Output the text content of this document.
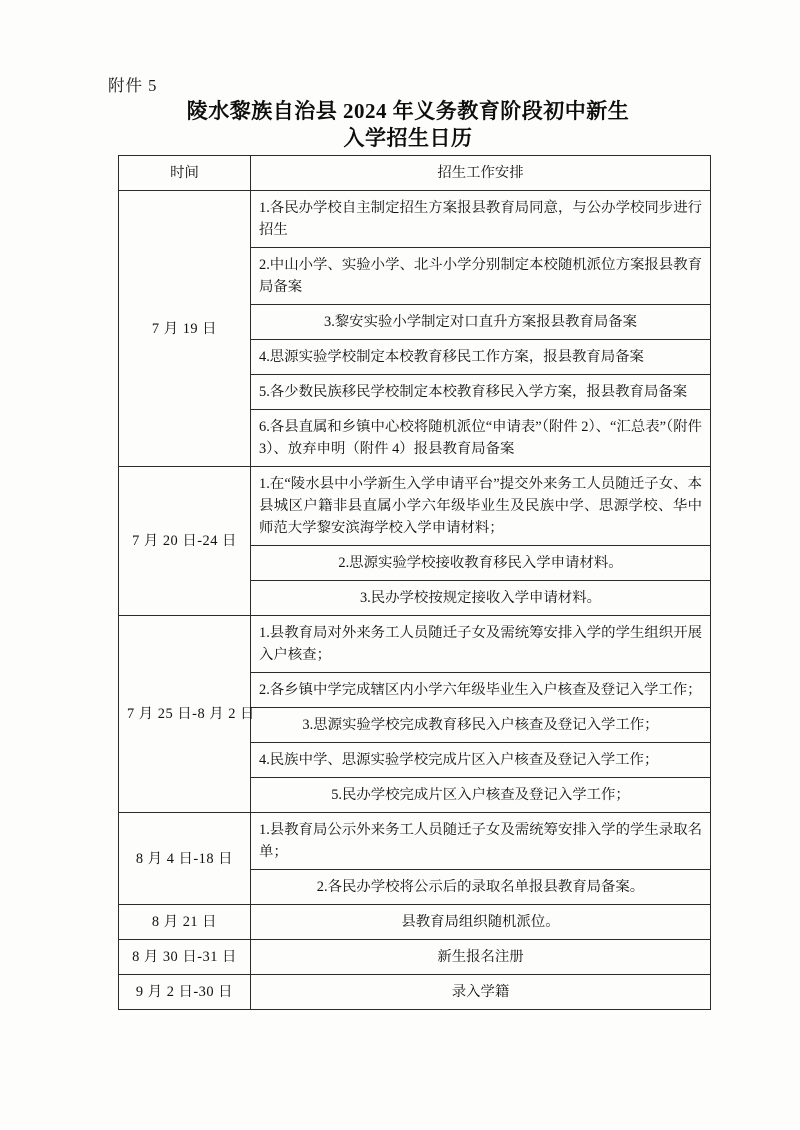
附件 5
陵水黎族自治县 2024 年义务教育阶段初中新生
入学招生日历
时间	招生工作安排
7 月 19 日	1.各民办学校自主制定招生方案报县教育局同意，与公办学校同步进行招生
	2.中山小学、实验小学、北斗小学分别制定本校随机派位方案报县教育局备案
	3.黎安实验小学制定对口直升方案报县教育局备案
	4.思源实验学校制定本校教育移民工作方案，报县教育局备案
	5.各少数民族移民学校制定本校教育移民入学方案，报县教育局备案
	6.各县直属和乡镇中心校将随机派位“申请表”（附件 2）、“汇总表”（附件 3）、放弃申明（附件 4）报县教育局备案
7 月 20 日-24 日	1.在“陵水县中小学新生入学申请平台”提交外来务工人员随迁子女、本县城区户籍非县直属小学六年级毕业生及民族中学、思源学校、华中师范大学黎安滨海学校入学申请材料；
	2.思源实验学校接收教育移民入学申请材料。
	3.民办学校按规定接收入学申请材料。
7 月 25 日-8 月 2 日	1.县教育局对外来务工人员随迁子女及需统筹安排入学的学生组织开展入户核查；
	2.各乡镇中学完成辖区内小学六年级毕业生入户核查及登记入学工作；
	3.思源实验学校完成教育移民入户核查及登记入学工作；
	4.民族中学、思源实验学校完成片区入户核查及登记入学工作；
	5.民办学校完成片区入户核查及登记入学工作；
8 月 4 日-18 日	1.县教育局公示外来务工人员随迁子女及需统筹安排入学的学生录取名单；
	2.各民办学校将公示后的录取名单报县教育局备案。
8 月 21 日	县教育局组织随机派位。
8 月 30 日-31 日	新生报名注册
9 月 2 日-30 日	录入学籍
